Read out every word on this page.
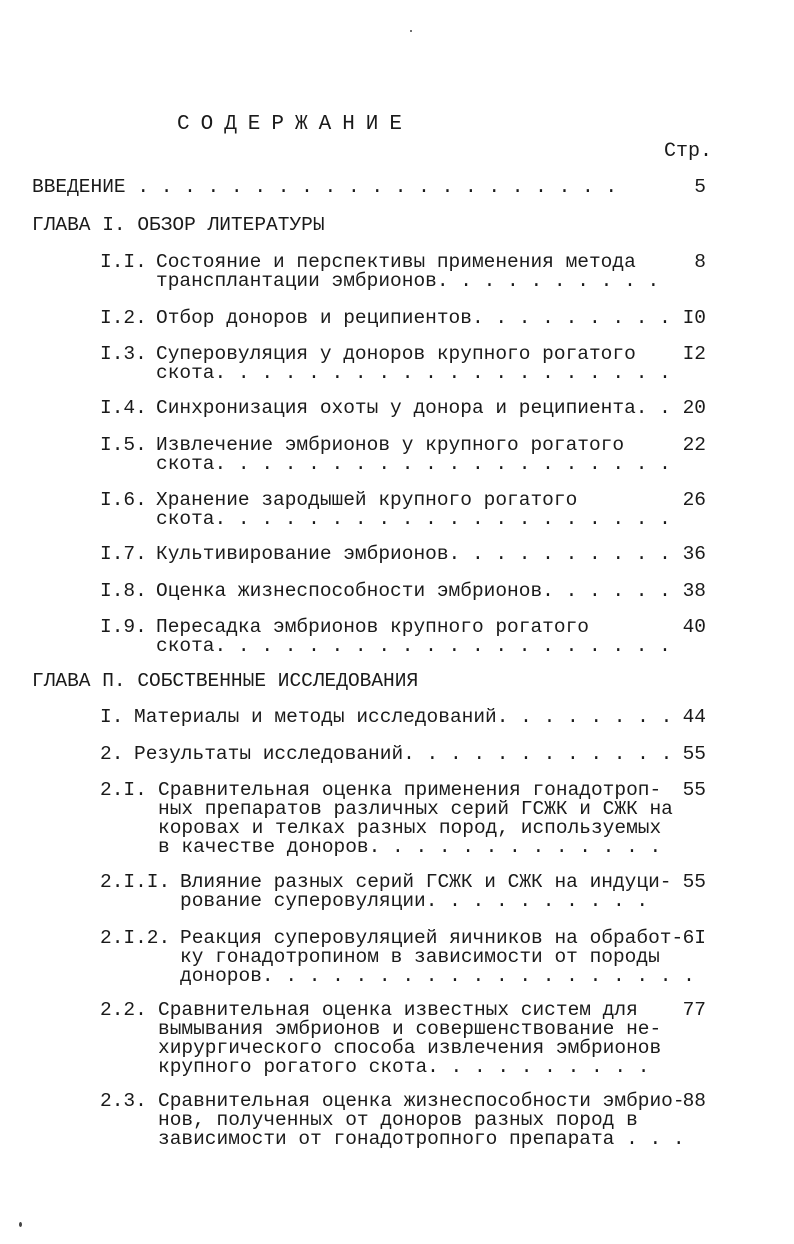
СОДЕРЖАНИЕ
Стр.
ВВЕДЕНИЕ . . . . . . . . . . . . . . . . . . . . .	5
ГЛАВА I. ОБЗОР ЛИТЕРАТУРЫ
I.I. Состояние и перспективы применения метода
трансплантации эмбрионов. . . . . . . . . .
8
I.2. Отбор доноров и реципиентов. . . . . . . . . I0
I.3. Суперовуляция у доноров крупного рогатого
скота. . . . . . . . . . . . . . . . . . . .
I2
I.4. Синхронизация охоты у донора и реципиента. . 20
I.5. Извлечение эмбрионов у крупного рогатого
скота. . . . . . . . . . . . . . . . . . . .
22
I.6. Хранение зародышей крупного рогатого
скота. . . . . . . . . . . . . . . . . . . .
26
I.7. Культивирование эмбрионов. . . . . . . . . . 36
I.8. Оценка жизнеспособности эмбрионов. . . . . . 38
I.9. Пересадка эмбрионов крупного рогатого
скота. . . . . . . . . . . . . . . . . . . .
40
ГЛАВА П. СОБСТВЕННЫЕ ИССЛЕДОВАНИЯ
I. Материалы и методы исследований. . . . . . . . 44
2. Результаты исследований. . . . . . . . . . . . 55
2.I. Сравнительная оценка применения гонадотроп-
ных препаратов различных серий ГСЖК и СЖК на
коровах и телках разных пород, используемых
в качестве доноров. . . . . . . . . . . . .
55
2.I.I. Влияние разных серий ГСЖК и СЖК на индуци-
рование суперовуляции. . . . . . . . . .
55
2.I.2. Реакция суперовуляцией яичников на обработ-
ку гонадотропином в зависимости от породы
доноров. . . . . . . . . . . . . . . . . . .
6I
2.2. Сравнительная оценка известных систем для
вымывания эмбрионов и совершенствование не-
хирургического способа извлечения эмбрионов
крупного рогатого скота. . . . . . . . . .
77
2.3. Сравнительная оценка жизнеспособности эмбрио-
нов, полученных от доноров разных пород в
зависимости от гонадотропного препарата . . .
88
